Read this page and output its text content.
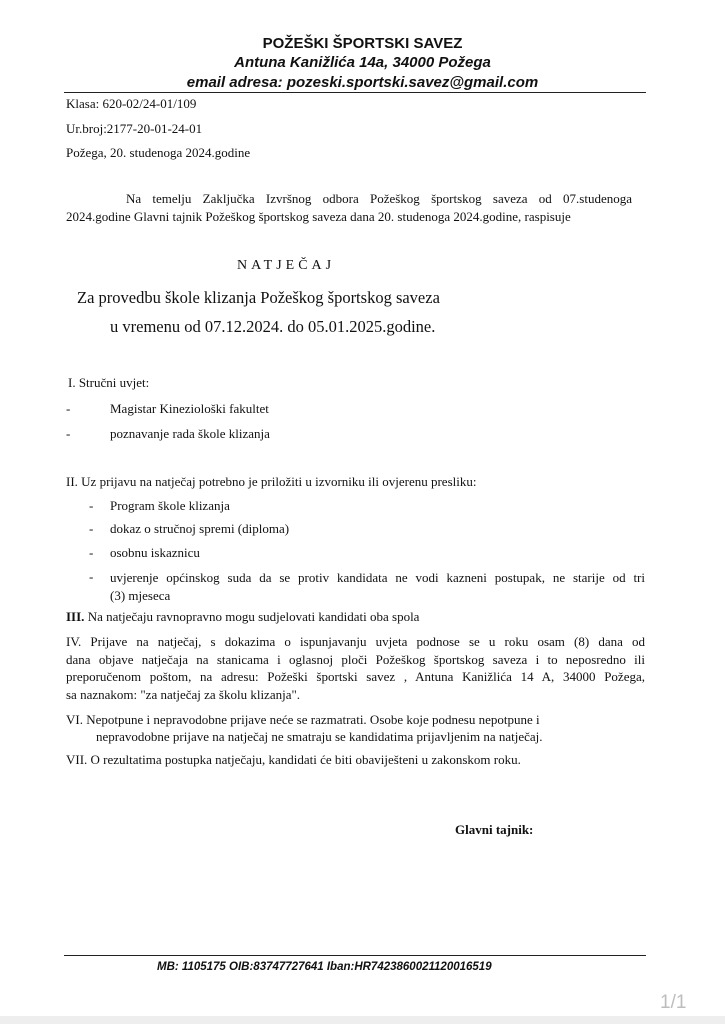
POŽEŠKI ŠPORTSKI SAVEZ
Antuna Kanižlića 14a, 34000 Požega
email adresa: pozeski.sportski.savez@gmail.com
Klasa: 620-02/24-01/109
Ur.broj:2177-20-01-24-01
Požega, 20. studenoga 2024.godine
Na temelju Zaključka Izvršnog odbora Požeškog športskog saveza od 07.studenoga
2024.godine Glavni tajnik Požeškog športskog saveza dana 20. studenoga 2024.godine, raspisuje
NATJEČAJ
Za provedbu škole klizanja Požeškog športskog saveza
u vremenu od 07.12.2024. do 05.01.2025.godine.
I. Stručni uvjet:
-	Magistar Kineziološki fakultet
-	poznavanje rada škole klizanja
II. Uz prijavu na natječaj potrebno je priložiti u izvorniku ili ovjerenu presliku:
- Program škole klizanja
- dokaz o stručnoj spremi (diploma)
- osobnu iskaznicu
- uvjerenje općinskog suda da se protiv kandidata ne vodi kazneni postupak, ne starije od tri
(3) mjeseca
III. Na natječaju ravnopravno mogu sudjelovati kandidati oba spola
IV. Prijave na natječaj, s dokazima o ispunjavanju uvjeta podnose se u roku osam (8) dana od
dana objave natječaja na stanicama i oglasnoj ploči Požeškog športskog saveza i to neposredno ili
preporučenom poštom, na adresu: Požeški športski savez , Antuna Kanižlića 14 A, 34000 Požega,
sa naznakom: "za natječaj za školu klizanja".
VI. Nepotpune i nepravodobne prijave neće se razmatrati. Osobe koje podnesu nepotpune i
nepravodobne prijave na natječaj ne smatraju se kandidatima prijavljenim na natječaj.
VII. O rezultatima postupka natječaju, kandidati će biti obaviješteni u zakonskom roku.
Glavni tajnik:
MB: 1105175 OIB:83747727641 Iban:HR7423860021120016519
1/1
